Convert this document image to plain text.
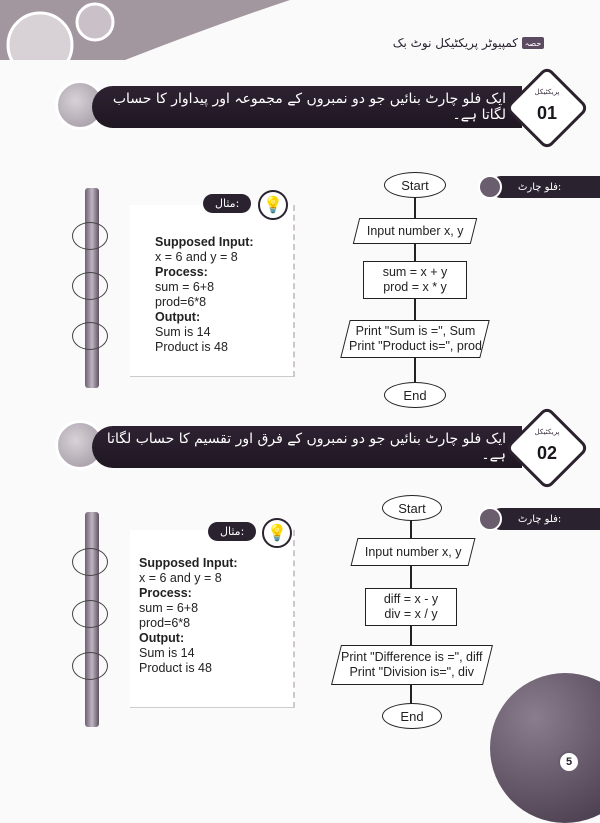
حصہ
کمپیوٹر پریکٹیکل نوٹ بک
ایک فلو چارٹ بنائیں جو دو نمبروں کے مجموعہ اور پیداوار کا حساب لگاتا ہے۔
پریکٹیکل
01
مثال:	💡
Supposed Input:
x = 6 and y = 8
Process:
sum = 6+8
prod=6*8
Output:
Sum is 14
Product is 48
فلو چارٹ:
Start
Input number x, y
sum = x + y
prod = x * y
Print "Sum is =", Sum
Print "Product is=", prod
End
ایک فلو چارٹ بنائیں جو دو نمبروں کے فرق اور تقسیم کا حساب لگاتا ہے۔
پریکٹیکل
02
مثال:	💡
Supposed Input:
x = 6 and y = 8
Process:
sum = 6+8
prod=6*8
Output:
Sum is 14
Product is 48
فلو چارٹ:
Start
Input number x, y
diff = x - y
div = x / y
Print "Difference is =", diff
Print "Division is=", div
End
5
